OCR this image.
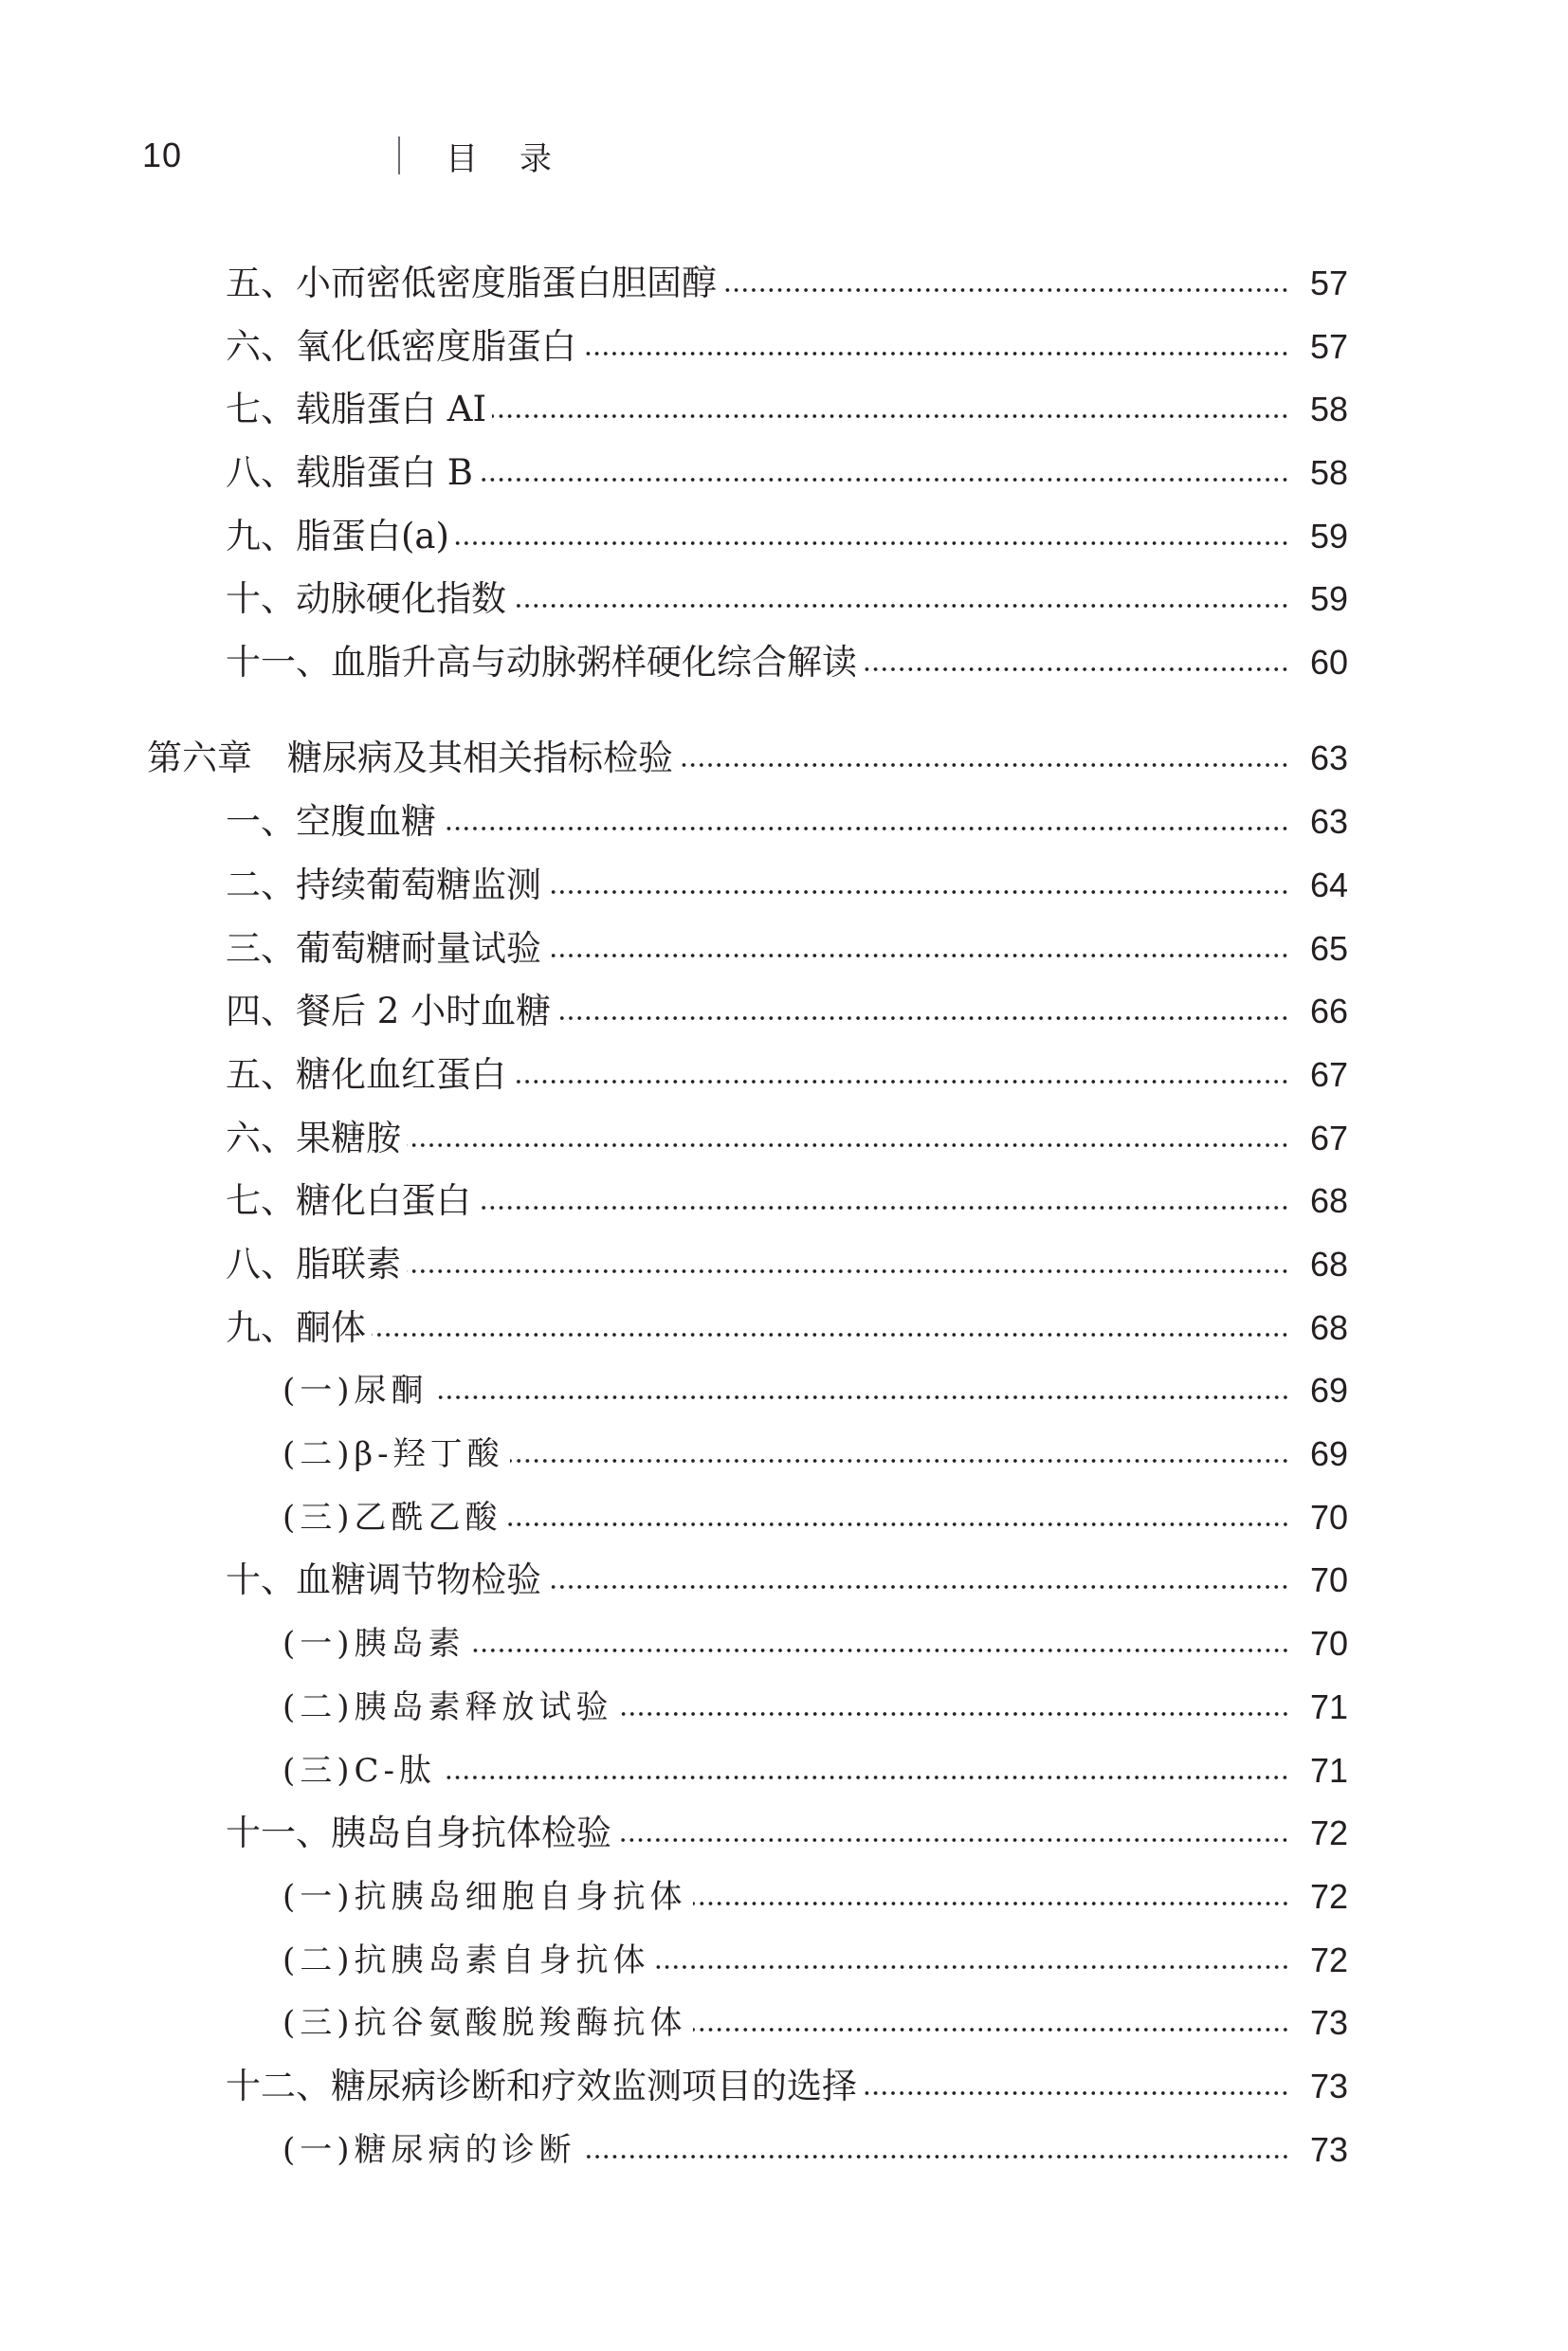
10	目录
五、小而密低密度脂蛋白胆固醇	57
六、氧化低密度脂蛋白	57
七、载脂蛋白 AⅠ	58
八、载脂蛋白 B	58
九、脂蛋白(a)	59
十、动脉硬化指数	59
十一、血脂升高与动脉粥样硬化综合解读	60
第六章　糖尿病及其相关指标检验	63
一、空腹血糖	63
二、持续葡萄糖监测	64
三、葡萄糖耐量试验	65
四、餐后 2 小时血糖	66
五、糖化血红蛋白	67
六、果糖胺	67
七、糖化白蛋白	68
八、脂联素	68
九、酮体	68
(一)尿酮	69
(二)β-羟丁酸	69
(三)乙酰乙酸	70
十、血糖调节物检验	70
(一)胰岛素	70
(二)胰岛素释放试验	71
(三)C-肽	71
十一、胰岛自身抗体检验	72
(一)抗胰岛细胞自身抗体	72
(二)抗胰岛素自身抗体	72
(三)抗谷氨酸脱羧酶抗体	73
十二、糖尿病诊断和疗效监测项目的选择	73
(一)糖尿病的诊断	73
